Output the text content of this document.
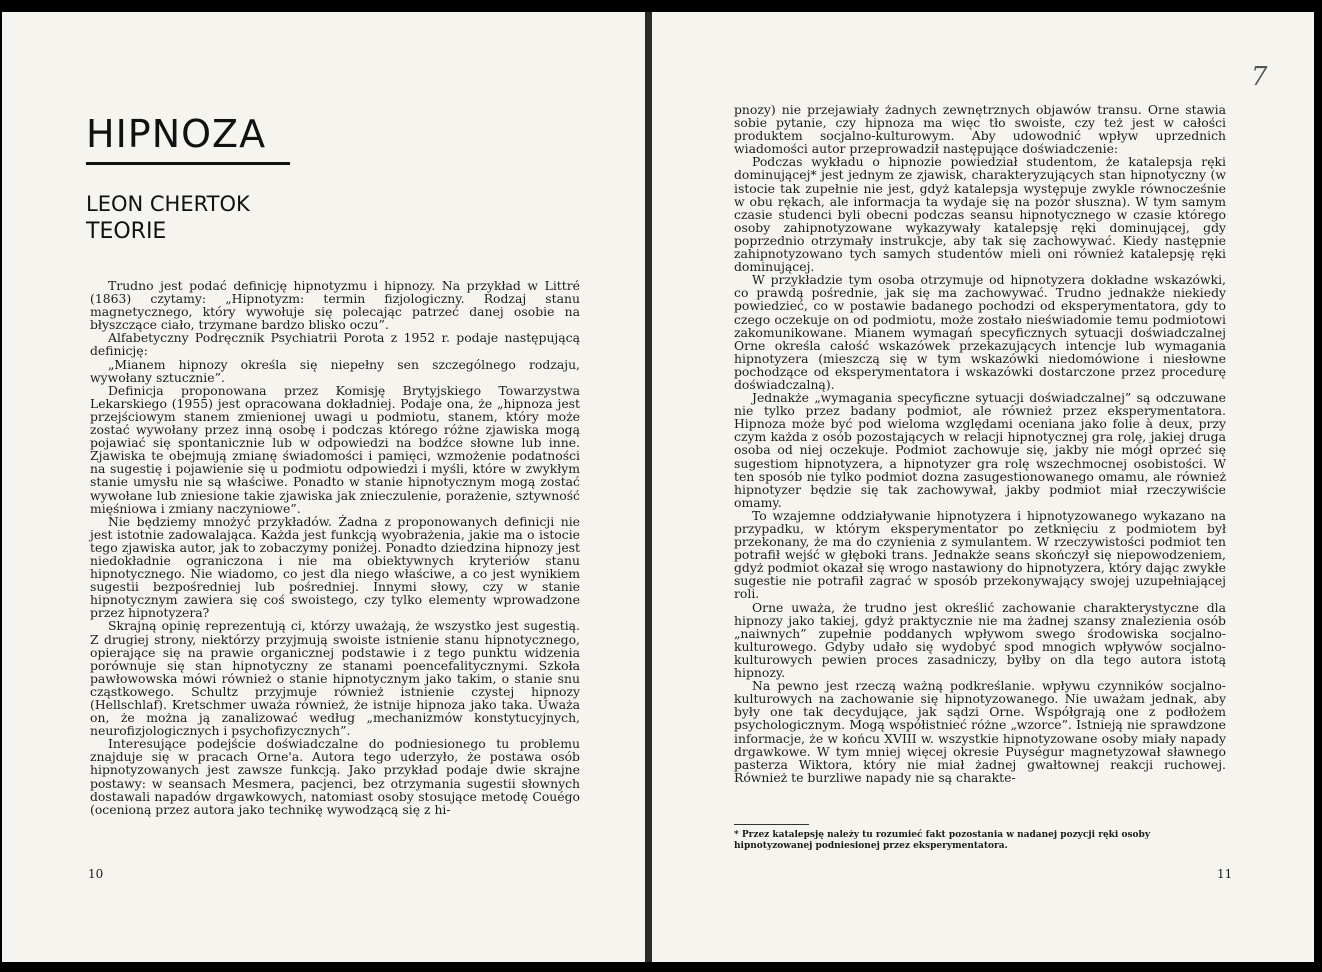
HIPNOZA
LEON CHERTOK
TEORIE

Trudno jest podać definicję hipnotyzmu i hipnozy. Na przykład w Littré (1863) czytamy: „Hipnotyzm: termin fizjologiczny. Rodzaj stanu magnetycznego, który wywołuje się polecając patrzeć danej osobie na błyszczące ciało, trzymane bardzo blisko oczu”.

Alfabetyczny Podręcznik Psychiatrii Porota z 1952 r. podaje następującą definicję:

„Mianem hipnozy określa się niepełny sen szczególnego rodzaju, wywołany sztucznie”.

Definicja proponowana przez Komisję Brytyjskiego Towarzystwa Lekarskiego (1955) jest opracowana dokładniej. Podaje ona, że „hipnoza jest przejściowym stanem zmienionej uwagi u podmiotu, stanem, który może zostać wywołany przez inną osobę i podczas którego różne zjawiska mogą pojawiać się spontanicznie lub w odpowiedzi na bodźce słowne lub inne. Zjawiska te obejmują zmianę świadomości i pamięci, wzmożenie podatności na sugestię i pojawienie się u podmiotu odpowiedzi i myśli, które w zwykłym stanie umysłu nie są właściwe. Ponadto w stanie hipnotycznym mogą zostać wywołane lub zniesione takie zjawiska jak znieczulenie, porażenie, sztywność mięśniowa i zmiany naczyniowe”.

Nie będziemy mnożyć przykładów. Żadna z proponowanych definicji nie jest istotnie zadowalająca. Każda jest funkcją wyobrażenia, jakie ma o istocie tego zjawiska autor, jak to zobaczymy poniżej. Ponadto dziedzina hipnozy jest niedokładnie ograniczona i nie ma obiektywnych kryteriów stanu hipnotycznego. Nie wiadomo, co jest dla niego właściwe, a co jest wynikiem sugestii bezpośredniej lub pośredniej. Innymi słowy, czy w stanie hipnotycznym zawiera się coś swoistego, czy tylko elementy wprowadzone przez hipnotyzera?

Skrajną opinię reprezentują ci, którzy uważają, że wszystko jest sugestią. Z drugiej strony, niektórzy przyjmują swoiste istnienie stanu hipnotycznego, opierające się na prawie organicznej podstawie i z tego punktu widzenia porównuje się stan hipnotyczny ze stanami poencefalitycznymi. Szkoła pawłowowska mówi również o stanie hipnotycznym jako takim, o stanie snu cząstkowego. Schultz przyjmuje również istnienie czystej hipnozy (Hellschlaf). Kretschmer uważa również, że istnije hipnoza jako taka. Uważa on, że można ją zanalizować według „mechanizmów konstytucyjnych, neurofizjologicznych i psychofizycznych”.

Interesujące podejście doświadczalne do podniesionego tu problemu znajduje się w pracach Orne'a. Autora tego uderzyło, że postawa osób hipnotyzowanych jest zawsze funkcją. Jako przykład podaje dwie skrajne postawy: w seansach Mesmera, pacjenci, bez otrzymania sugestii słownych dostawali napadów drgawkowych, natomiast osoby stosujące metodę Couégo (ocenioną przez autora jako technikę wywodzącą się z hi-

10

7

pnozy) nie przejawiały żadnych zewnętrznych objawów transu. Orne stawia sobie pytanie, czy hipnoza ma więc tło swoiste, czy też jest w całości produktem socjalno-kulturowym. Aby udowodnić wpływ uprzednich wiadomości autor przeprowadził następujące doświadczenie:

Podczas wykładu o hipnozie powiedział studentom, że katalepsja ręki dominującej* jest jednym ze zjawisk, charakteryzujących stan hipnotyczny (w istocie tak zupełnie nie jest, gdyż katalepsja występuje zwykle równocześnie w obu rękach, ale informacja ta wydaje się na pozór słuszna). W tym samym czasie studenci byli obecni podczas seansu hipnotycznego w czasie którego osoby zahipnotyzowane wykazywały katalepsję ręki dominującej, gdy poprzednio otrzymały instrukcje, aby tak się zachowywać. Kiedy następnie zahipnotyzowano tych samych studentów mieli oni również katalepsję ręki dominującej.

W przykładzie tym osoba otrzymuje od hipnotyzera dokładne wskazówki, co prawdą pośrednie, jak się ma zachowywać. Trudno jednakże niekiedy powiedzieć, co w postawie badanego pochodzi od eksperymentatora, gdy to czego oczekuje on od podmiotu, może zostało nieświadomie temu podmiotowi zakomunikowane. Mianem wymagań specyficznych sytuacji doświadczalnej Orne określa całość wskazówek przekazujących intencje lub wymagania hipnotyzera (mieszczą się w tym wskazówki niedomówione i niesłowne pochodzące od eksperymentatora i wskazówki dostarczone przez procedurę doświadczalną).

Jednakże „wymagania specyficzne sytuacji doświadczalnej” są odczuwane nie tylko przez badany podmiot, ale również przez eksperymentatora. Hipnoza może być pod wieloma względami oceniana jako folie à deux, przy czym każda z osób pozostających w relacji hipnotycznej gra rolę, jakiej druga osoba od niej oczekuje. Podmiot zachowuje się, jakby nie mógł oprzeć się sugestiom hipnotyzera, a hipnotyzer gra rolę wszechmocnej osobistości. W ten sposób nie tylko podmiot dozna zasugestionowanego omamu, ale również hipnotyzer będzie się tak zachowywał, jakby podmiot miał rzeczywiście omamy.

To wzajemne oddziaływanie hipnotyzera i hipnotyzowanego wykazano na przypadku, w którym eksperymentator po zetknięciu z podmiotem był przekonany, że ma do czynienia z symulantem. W rzeczywistości podmiot ten potrafił wejść w głęboki trans. Jednakże seans skończył się niepowodzeniem, gdyż podmiot okazał się wrogo nastawiony do hipnotyzera, który dając zwykłe sugestie nie potrafił zagrać w sposób przekonywający swojej uzupełniającej roli.

Orne uważa, że trudno jest określić zachowanie charakterystyczne dla hipnozy jako takiej, gdyż praktycznie nie ma żadnej szansy znalezienia osób „naiwnych” zupełnie poddanych wpływom swego środowiska socjalno-kulturowego. Gdyby udało się wydobyć spod mnogich wpływów socjalno-kulturowych pewien proces zasadniczy, byłby on dla tego autora istotą hipnozy.

Na pewno jest rzeczą ważną podkreślanie. wpływu czynników socjalno-kulturowych na zachowanie się hipnotyzowanego. Nie uważam jednak, aby były one tak decydujące, jak sądzi Orne. Współgrają one z podłożem psychologicznym. Mogą współistnieć różne „wzorce”. Istnieją nie sprawdzone informacje, że w końcu XVIII w. wszystkie hipnotyzowane osoby miały napady drgawkowe. W tym mniej więcej okresie Puységur magnetyzował sławnego pasterza Wiktora, który nie miał żadnej gwałtownej reakcji ruchowej. Również te burzliwe napady nie są charakte-

* Przez katalepsję należy tu rozumieć fakt pozostania w nadanej pozycji ręki osoby hipnotyzowanej podniesionej przez eksperymentatora.

11
